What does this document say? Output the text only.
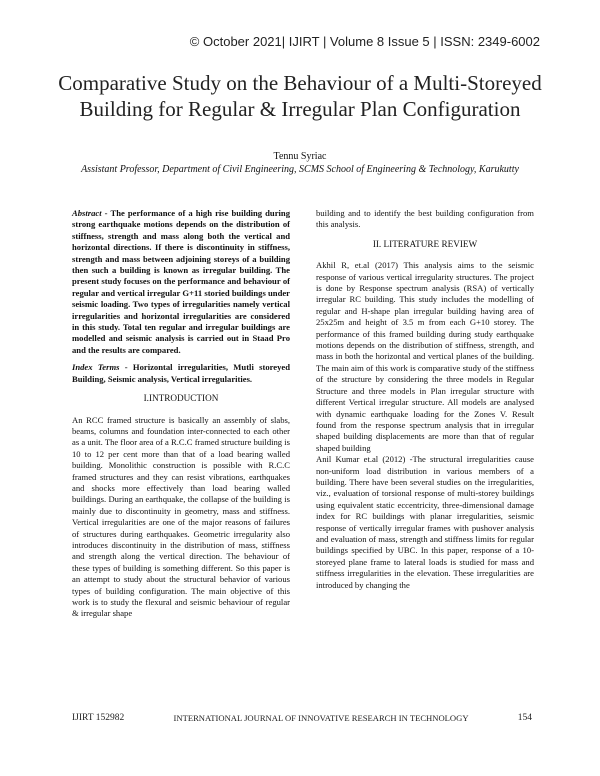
© October 2021| IJIRT | Volume 8 Issue 5 | ISSN: 2349-6002
Comparative Study on the Behaviour of a Multi-Storeyed
Building for Regular & Irregular Plan Configuration
Tennu Syriac
Assistant Professor, Department of Civil Engineering, SCMS School of Engineering & Technology, Karukutty

Abstract - The performance of a high rise building during strong earthquake motions depends on the distribution of stiffness, strength and mass along both the vertical and horizontal directions. If there is discontinuity in stiffness, strength and mass between adjoining storeys of a building then such a building is known as irregular building. The present study focuses on the performance and behaviour of regular and vertical irregular G+11 storied buildings under seismic loading. Two types of irregularities namely vertical irregularities and horizontal irregularities are considered in this study. Total ten regular and irregular buildings are modelled and seismic analysis is carried out in Staad Pro and the results are compared.

Index Terms - Horizontal irregularities, Mutli storeyed Building, Seismic analysis, Vertical irregularities.

I.INTRODUCTION

An RCC framed structure is basically an assembly of slabs, beams, columns and foundation inter-connected to each other as a unit. The floor area of a R.C.C framed structure building is 10 to 12 per cent more than that of a load bearing walled building. Monolithic construction is possible with R.C.C framed structures and they can resist vibrations, earthquakes and shocks more effectively than load bearing walled buildings. During an earthquake, the collapse of the building is mainly due to discontinuity in geometry, mass and stiffness. Vertical irregularities are one of the major reasons of failures of structures during earthquakes. Geometric irregularity also introduces discontinuity in the distribution of mass, stiffness and strength along the vertical direction. The behaviour of these types of building is something different. So this paper is an attempt to study about the structural behavior of various types of building configuration. The main objective of this work is to study the flexural and seismic behaviour of regular & irregular shape

building and to identify the best building configuration from this analysis.

II. LITERATURE REVIEW

Akhil R, et.al (2017) This analysis aims to the seismic response of various vertical irregularity structures. The project is done by Response spectrum analysis (RSA) of vertically irregular RC building. This study includes the modelling of regular and H-shape plan irregular building having area of 25x25m and height of 3.5 m from each G+10 storey. The performance of this framed building during study earthquake motions depends on the distribution of stiffness, strength, and mass in both the horizontal and vertical planes of the building. The main aim of this work is comparative study of the stiffness of the structure by considering the three models in Regular Structure and three models in Plan irregular structure with different Vertical irregular structure. All models are analysed with dynamic earthquake loading for the Zones V. Result found from the response spectrum analysis that in irregular shaped building displacements are more than that of regular shaped building

Anil Kumar et.al (2012) -The structural irregularities cause non-uniform load distribution in various members of a building. There have been several studies on the irregularities, viz., evaluation of torsional response of multi-storey buildings using equivalent static eccentricity, three-dimensional damage index for RC buildings with planar irregularities, seismic response of vertically irregular frames with pushover analysis and evaluation of mass, strength and stiffness limits for regular buildings specified by UBC. In this paper, response of a 10-storeyed plane frame to lateral loads is studied for mass and stiffness irregularities in the elevation. These irregularities are introduced by changing the

IJIRT 152982	INTERNATIONAL JOURNAL OF INNOVATIVE RESEARCH IN TECHNOLOGY	154
